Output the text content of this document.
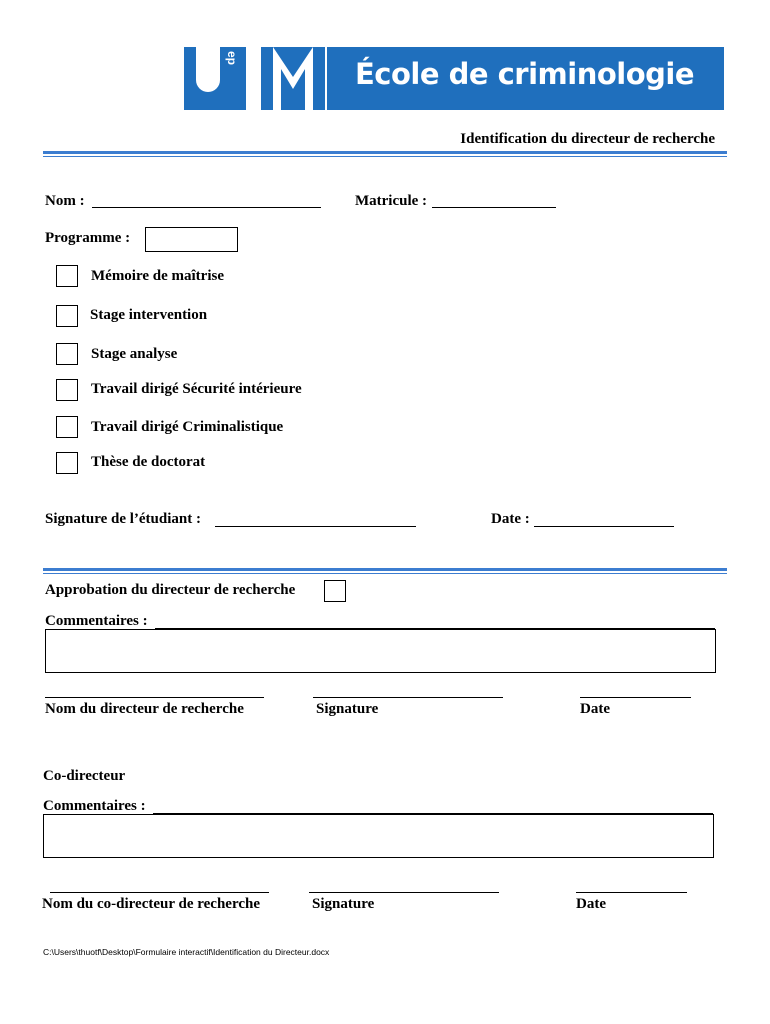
ep	École de criminologie
Identification du directeur de recherche
Nom :	Matricule :
Programme :
Mémoire de maîtrise
Stage intervention
Stage analyse
Travail dirigé Sécurité intérieure
Travail dirigé Criminalistique
Thèse de doctorat
Signature de l’étudiant :	Date :
Approbation du directeur de recherche
Commentaires :
Nom du directeur de recherche	Signature	Date
Co-directeur
Commentaires :
Nom du co-directeur de recherche	Signature	Date
C:\Users\thuotf\Desktop\Formulaire interactif\Identification du Directeur.docx
